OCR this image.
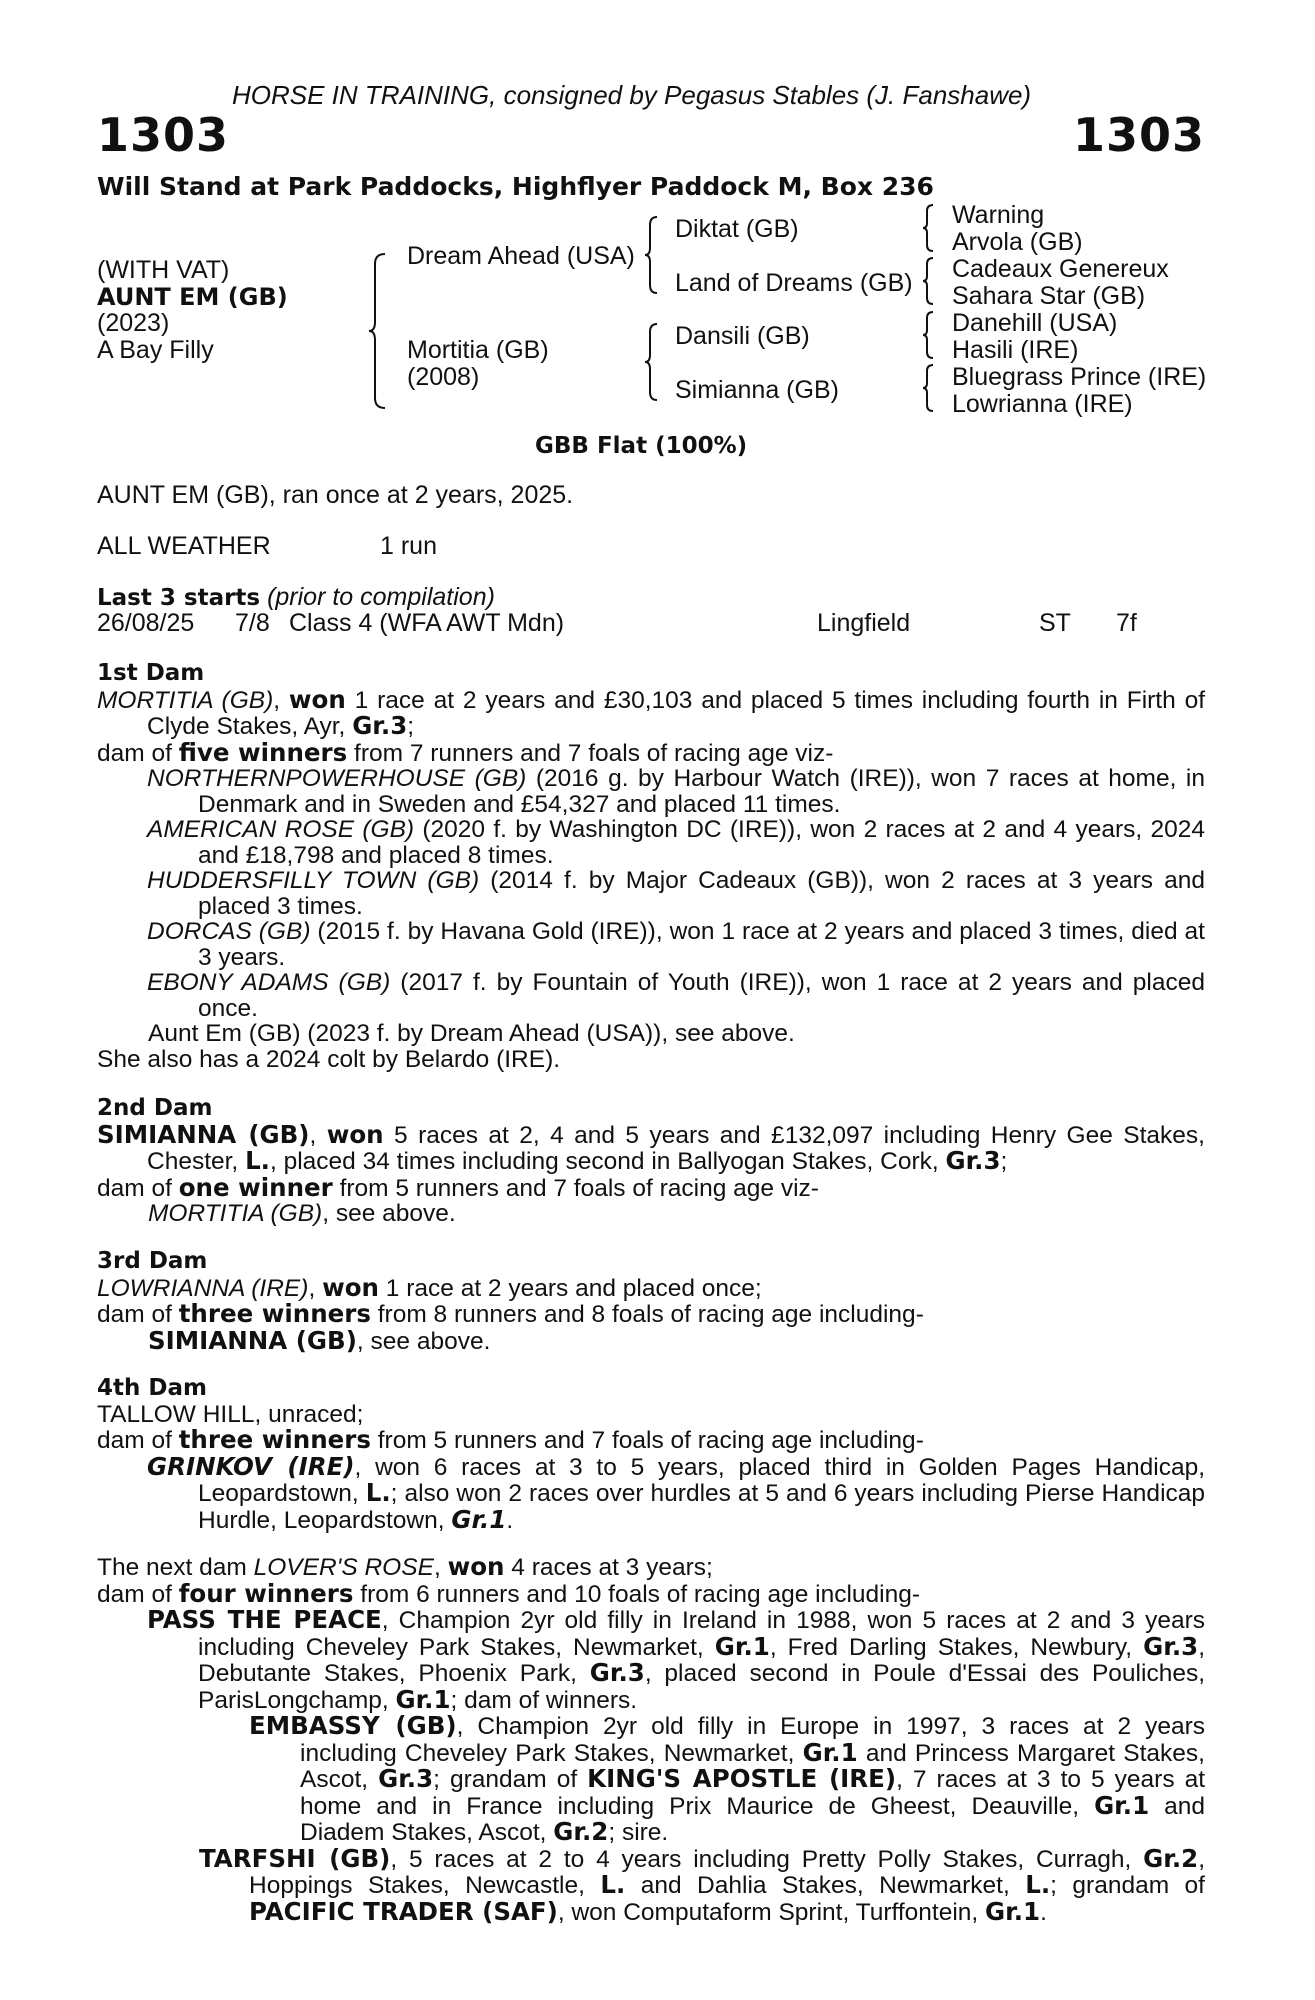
HORSE IN TRAINING, consigned by Pegasus Stables (J. Fanshawe)
1303	1303
Will Stand at Park Paddocks, Highflyer Paddock M, Box 236
(WITH VAT)
AUNT EM (GB)
(2023)
A Bay Filly
Dream Ahead (USA)
Mortitia (GB)
(2008)
Diktat (GB)
Land of Dreams (GB)
Dansili (GB)
Simianna (GB)
Warning
Arvola (GB)
Cadeaux Genereux
Sahara Star (GB)
Danehill (USA)
Hasili (IRE)
Bluegrass Prince (IRE)
Lowrianna (IRE)
GBB Flat (100%)
AUNT EM (GB), ran once at 2 years, 2025.
ALL WEATHER	1 run
Last 3 starts (prior to compilation)
26/08/25 7/8 Class 4 (WFA AWT Mdn)	Lingfield	ST 7f

1st Dam

MORTITIA (GB), won 1 race at 2 years and £30,103 and placed 5 times including fourth in Firth of Clyde Stakes, Ayr, Gr.3;

dam of five winners from 7 runners and 7 foals of racing age viz-

NORTHERNPOWERHOUSE (GB) (2016 g. by Harbour Watch (IRE)), won 7 races at home, in Denmark and in Sweden and £54,327 and placed 11 times.

AMERICAN ROSE (GB) (2020 f. by Washington DC (IRE)), won 2 races at 2 and 4 years, 2024 and £18,798 and placed 8 times.

HUDDERSFILLY TOWN (GB) (2014 f. by Major Cadeaux (GB)), won 2 races at 3 years and placed 3 times.

DORCAS (GB) (2015 f. by Havana Gold (IRE)), won 1 race at 2 years and placed 3 times, died at 3 years.

EBONY ADAMS (GB) (2017 f. by Fountain of Youth (IRE)), won 1 race at 2 years and placed once.

Aunt Em (GB) (2023 f. by Dream Ahead (USA)), see above.

She also has a 2024 colt by Belardo (IRE).

2nd Dam

SIMIANNA (GB), won 5 races at 2, 4 and 5 years and £132,097 including Henry Gee Stakes, Chester, L., placed 34 times including second in Ballyogan Stakes, Cork, Gr.3;

dam of one winner from 5 runners and 7 foals of racing age viz-

MORTITIA (GB), see above.

3rd Dam

LOWRIANNA (IRE), won 1 race at 2 years and placed once;

dam of three winners from 8 runners and 8 foals of racing age including-

SIMIANNA (GB), see above.

4th Dam

TALLOW HILL, unraced;

dam of three winners from 5 runners and 7 foals of racing age including-

GRINKOV (IRE), won 6 races at 3 to 5 years, placed third in Golden Pages Handicap, Leopardstown, L.; also won 2 races over hurdles at 5 and 6 years including Pierse Handicap Hurdle, Leopardstown, Gr.1.

The next dam LOVER'S ROSE, won 4 races at 3 years;

dam of four winners from 6 runners and 10 foals of racing age including-

PASS THE PEACE, Champion 2yr old filly in Ireland in 1988, won 5 races at 2 and 3 years including Cheveley Park Stakes, Newmarket, Gr.1, Fred Darling Stakes, Newbury, Gr.3, Debutante Stakes, Phoenix Park, Gr.3, placed second in Poule d'Essai des Pouliches, ParisLongchamp, Gr.1; dam of winners.

EMBASSY (GB), Champion 2yr old filly in Europe in 1997, 3 races at 2 years including Cheveley Park Stakes, Newmarket, Gr.1 and Princess Margaret Stakes, Ascot, Gr.3; grandam of KING'S APOSTLE (IRE), 7 races at 3 to 5 years at home and in France including Prix Maurice de Gheest, Deauville, Gr.1 and Diadem Stakes, Ascot, Gr.2; sire.

TARFSHI (GB), 5 races at 2 to 4 years including Pretty Polly Stakes, Curragh, Gr.2, Hoppings Stakes, Newcastle, L. and Dahlia Stakes, Newmarket, L.; grandam of PACIFIC TRADER (SAF), won Computaform Sprint, Turffontein, Gr.1.
